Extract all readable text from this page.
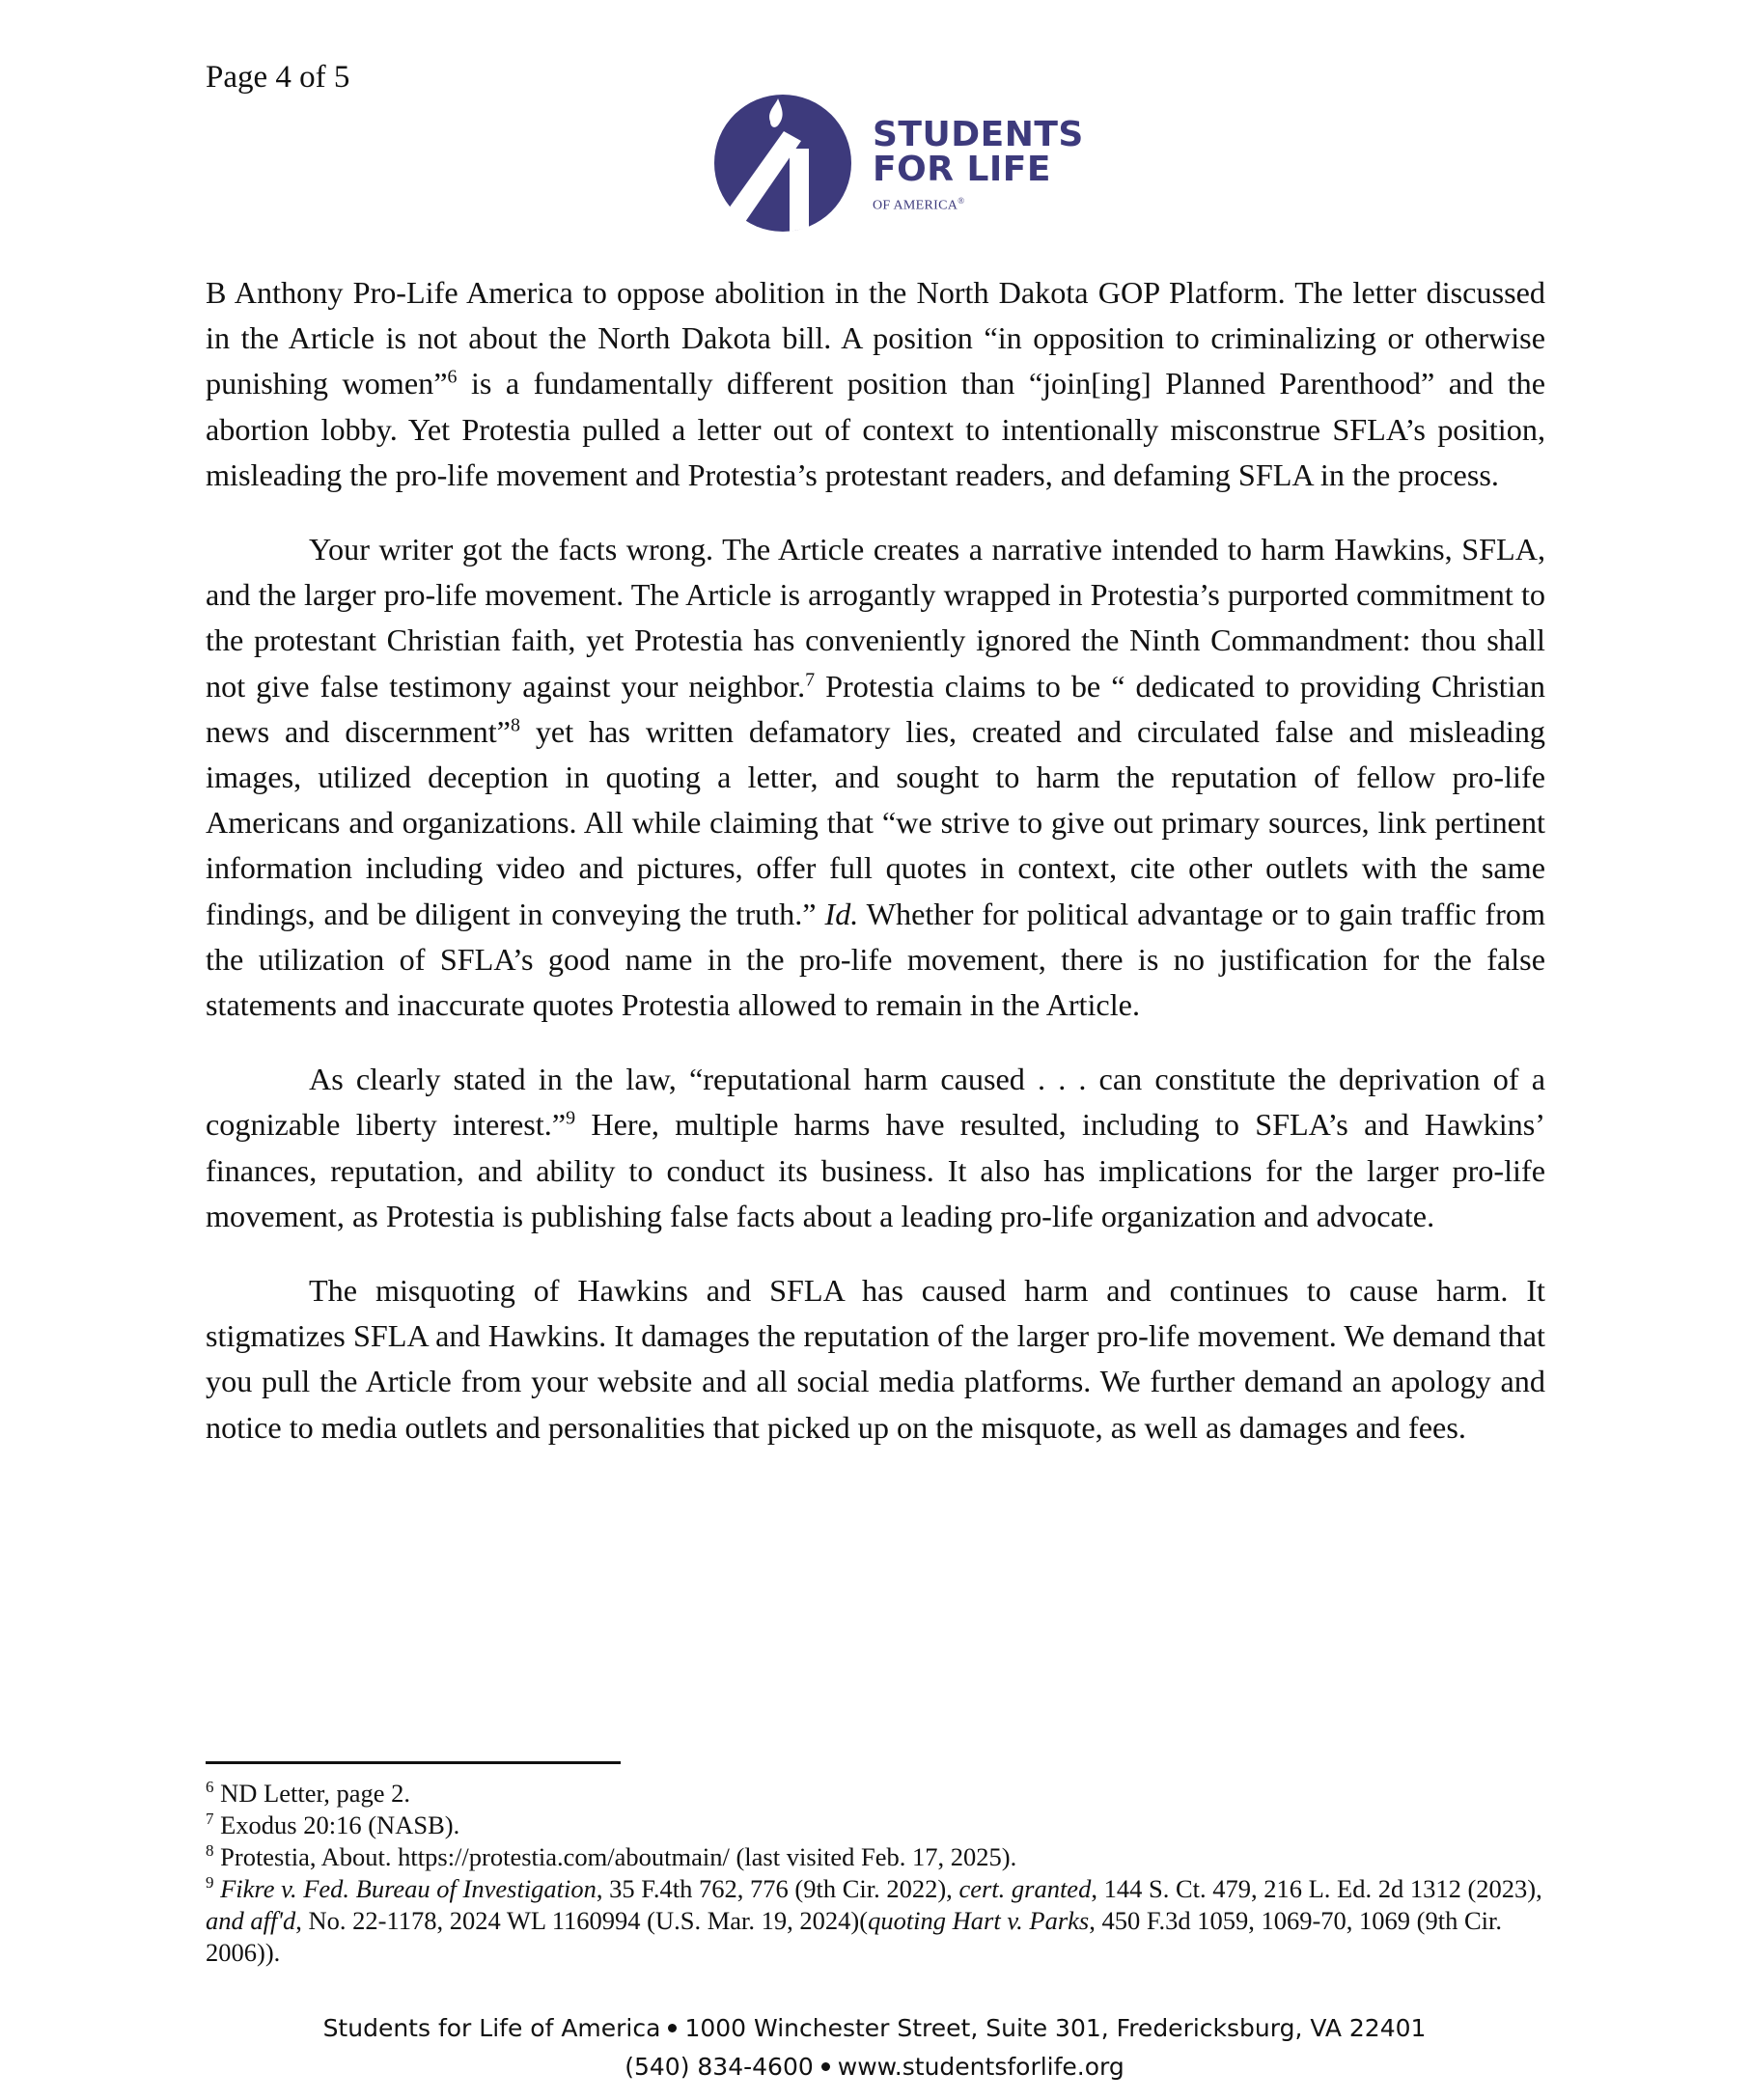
Page 4 of 5
STUDENTS
FOR LIFE
OF AMERICA®

B Anthony Pro-Life America to oppose abolition in the North Dakota GOP Platform. The letter discussed in the Article is not about the North Dakota bill. A position “in opposition to criminalizing or otherwise punishing women”$^6$ is a fundamentally different position than “join[ing] Planned Parenthood” and the abortion lobby. Yet Protestia pulled a letter out of context to intentionally misconstrue SFLA’s position, misleading the pro-life movement and Protestia’s protestant readers, and defaming SFLA in the process.

Your writer got the facts wrong. The Article creates a narrative intended to harm Hawkins, SFLA, and the larger pro-life movement. The Article is arrogantly wrapped in Protestia’s purported commitment to the protestant Christian faith, yet Protestia has conveniently ignored the Ninth Commandment: thou shall not give false testimony against your neighbor.$^7$ Protestia claims to be “ dedicated to providing Christian news and discernment”$^8$ yet has written defamatory lies, created and circulated false and misleading images, utilized deception in quoting a letter, and sought to harm the reputation of fellow pro-life Americans and organizations. All while claiming that “we strive to give out primary sources, link pertinent information including video and pictures, offer full quotes in context, cite other outlets with the same findings, and be diligent in conveying the truth.” Id. Whether for political advantage or to gain traffic from the utilization of SFLA’s good name in the pro-life movement, there is no justification for the false statements and inaccurate quotes Protestia allowed to remain in the Article.

As clearly stated in the law, “reputational harm caused . . . can constitute the deprivation of a cognizable liberty interest.”$^9$ Here, multiple harms have resulted, including to SFLA’s and Hawkins’ finances, reputation, and ability to conduct its business. It also has implications for the larger pro-life movement, as Protestia is publishing false facts about a leading pro-life organization and advocate.

The misquoting of Hawkins and SFLA has caused harm and continues to cause harm. It stigmatizes SFLA and Hawkins. It damages the reputation of the larger pro-life movement. We demand that you pull the Article from your website and all social media platforms. We further demand an apology and notice to media outlets and personalities that picked up on the misquote, as well as damages and fees.

$^6$ ND Letter, page 2.

$^7$ Exodus 20:16 (NASB).

$^8$ Protestia, About. https://protestia.com/aboutmain/ (last visited Feb. 17, 2025).

$^9$ Fikre v. Fed. Bureau of Investigation, 35 F.4th 762, 776 (9th Cir. 2022), cert. granted, 144 S. Ct. 479, 216 L. Ed. 2d 1312 (2023), and aff'd, No. 22-1178, 2024 WL 1160994 (U.S. Mar. 19, 2024)(quoting Hart v. Parks, 450 F.3d 1059, 1069-70, 1069 (9th Cir. 2006)).

Students for Life of America 1000 Winchester Street, Suite 301, Fredericksburg, VA 22401
(540) 834-4600 www.studentsforlife.org
